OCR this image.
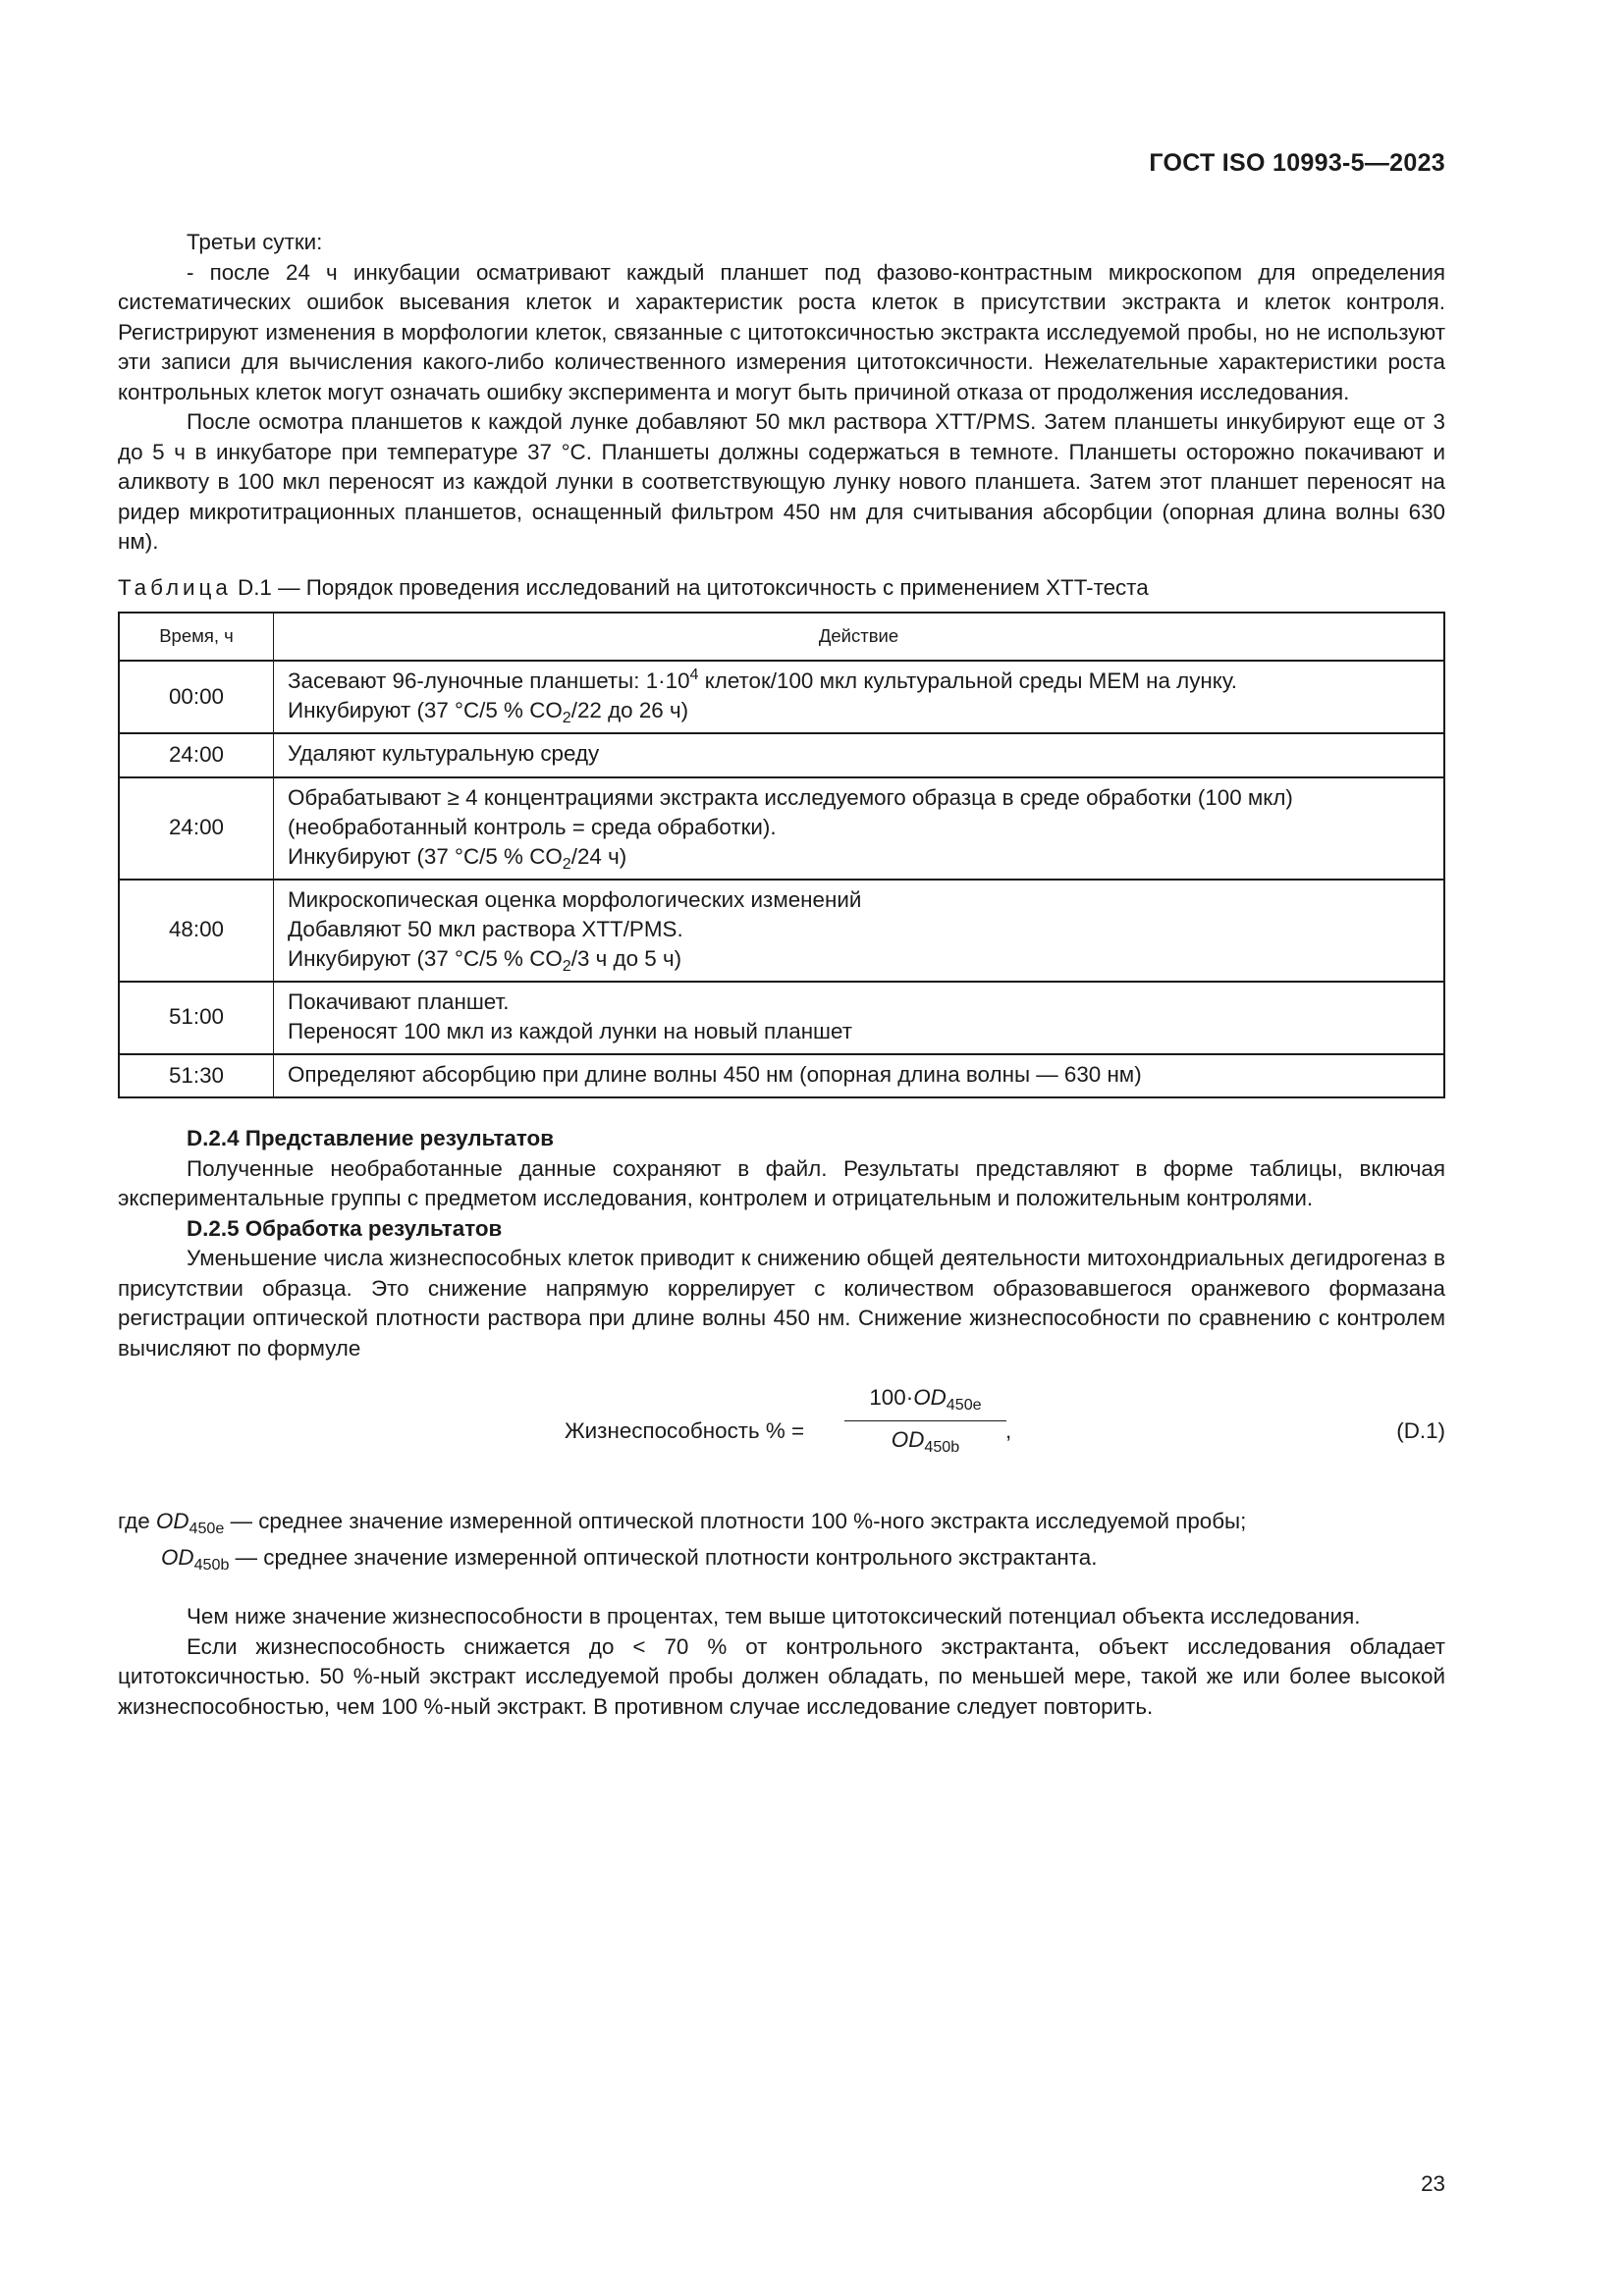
ГОСТ ISO 10993-5—2023

Третьи сутки:

- после 24 ч инкубации осматривают каждый планшет под фазово-контрастным микроскопом для определения систематических ошибок высевания клеток и характеристик роста клеток в присутствии экстракта и клеток контроля. Регистрируют изменения в морфологии клеток, связанные с цитотоксичностью экстракта исследуемой пробы, но не используют эти записи для вычисления какого-либо количественного измерения цитотоксичности. Нежелательные характеристики роста контрольных клеток могут означать ошибку эксперимента и могут быть причиной отказа от продолжения исследования.

После осмотра планшетов к каждой лунке добавляют 50 мкл раствора XTT/PMS. Затем планшеты инкубируют еще от 3 до 5 ч в инкубаторе при температуре 37 °C. Планшеты должны содержаться в темноте. Планшеты осторожно покачивают и аликвоту в 100 мкл переносят из каждой лунки в соответствующую лунку нового планшета. Затем этот планшет переносят на ридер микротитрационных планшетов, оснащенный фильтром 450 нм для считывания абсорбции (опорная длина волны 630 нм).

Таблица D.1 — Порядок проведения исследований на цитотоксичность с применением XTT-теста

Время, ч	Действие
00:00	Засевают 96-луночные планшеты: $1\cdot 10^4$ клеток/100 мкл культуральной среды МЕМ на лунку.
Инкубируют (37 °C/5 % $CO_2/22$ до 26 ч)

24:00	Удаляют культуральную среду

24:00	Обрабатывают ≥ 4 концентрациями экстракта исследуемого образца в среде обработки (100 мкл)
(необработанный контроль = среда обработки).
Инкубируют (37 °C/5 % $CO_2/24$ ч)

48:00	Микроскопическая оценка морфологических изменений
Добавляют 50 мкл раствора XTT/PMS.
Инкубируют (37 °C/5 % $CO_2/3$ ч до 5 ч)

51:00	Покачивают планшет.
Переносят 100 мкл из каждой лунки на новый планшет

51:30	Определяют абсорбцию при длине волны 450 нм (опорная длина волны — 630 нм)

D.2.4 Представление результатов

Полученные необработанные данные сохраняют в файл. Результаты представляют в форме таблицы, включая экспериментальные группы с предметом исследования, контролем и отрицательным и положительным контролями.

D.2.5 Обработка результатов

Уменьшение числа жизнеспособных клеток приводит к снижению общей деятельности митохондриальных дегидрогеназ в присутствии образца. Это снижение напрямую коррелирует с количеством образовавшегося оранжевого формазана регистрации оптической плотности раствора при длине волны 450 нм. Снижение жизнеспособности по сравнению с контролем вычисляют по формуле

Жизнеспособность % =
$100\cdot OD_{450e}$
$OD_{450b}$
,	(D.1)

где $OD_{450e}$ — среднее значение измеренной оптической плотности 100 %-ного экстракта исследуемой пробы;

$OD_{450b}$ — среднее значение измеренной оптической плотности контрольного экстрактанта.

Чем ниже значение жизнеспособности в процентах, тем выше цитотоксический потенциал объекта исследования.

Если жизнеспособность снижается до < 70 % от контрольного экстрактанта, объект исследования обладает цитотоксичностью. 50 %-ный экстракт исследуемой пробы должен обладать, по меньшей мере, такой же или более высокой жизнеспособностью, чем 100 %-ный экстракт. В противном случае исследование следует повторить.

23
